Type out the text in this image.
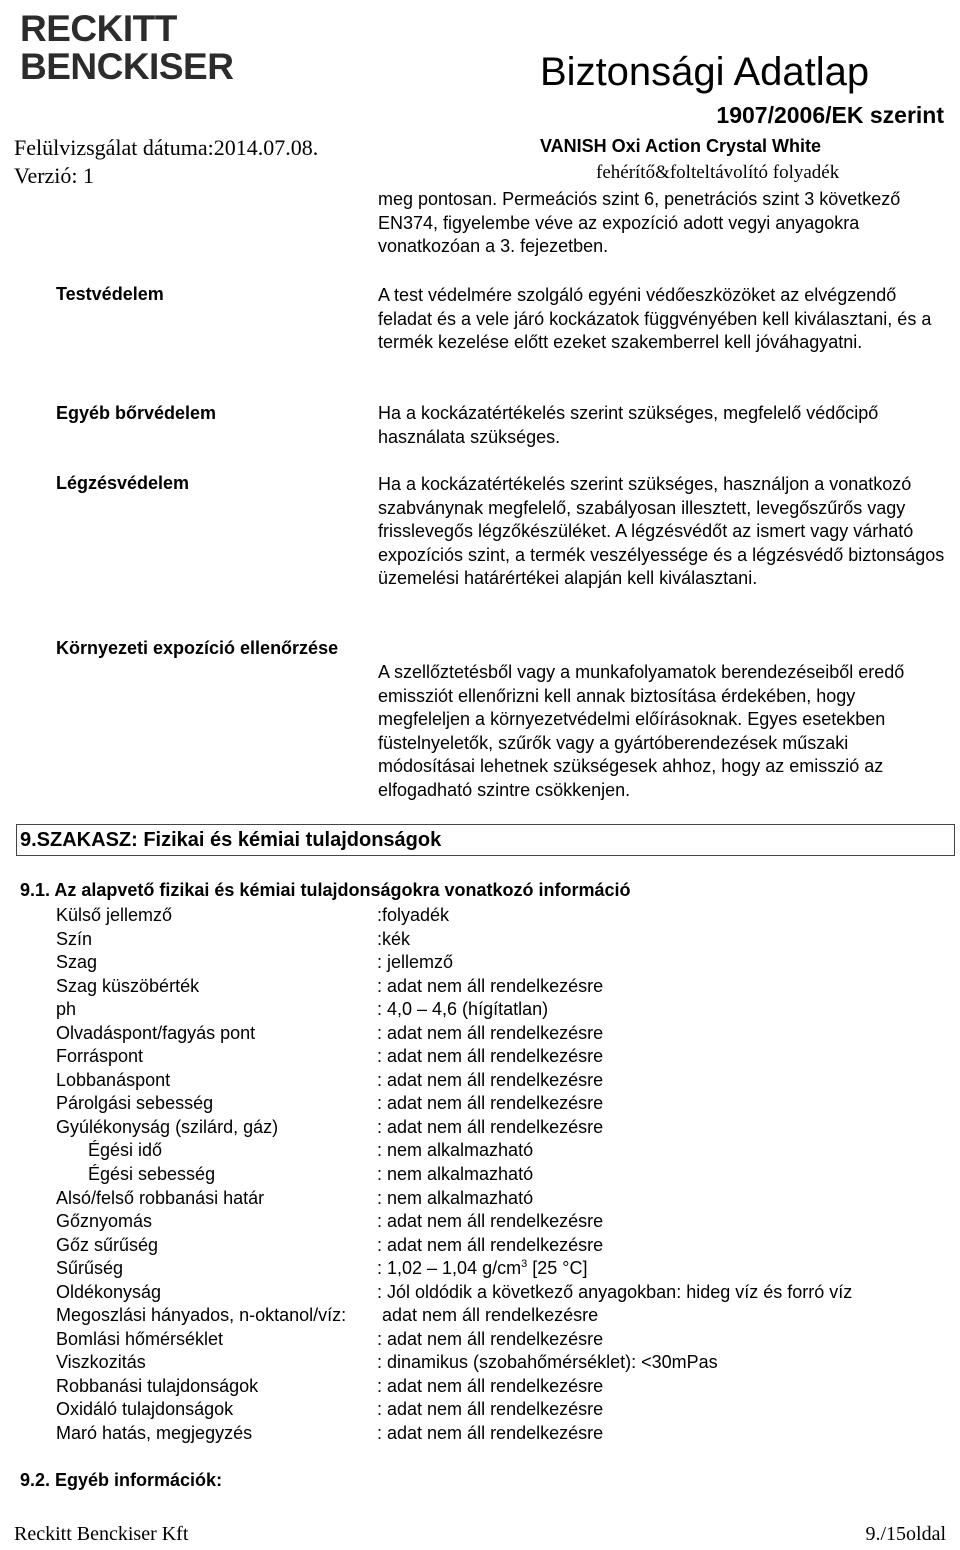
RECKITT
BENCKISER	Biztonsági Adatlap
1907/2006/EK szerint
Felülvizsgálat dátuma:2014.07.08.
Verzió: 1
VANISH Oxi Action Crystal White
fehérítő&folteltávolító folyadék
meg pontosan. Permeációs szint 6, penetrációs szint 3 következő EN374, figyelembe véve az expozíció adott vegyi anyagokra vonatkozóan a 3. fejezetben.
Testvédelem	A test védelmére szolgáló egyéni védőeszközöket az elvégzendő feladat és a vele járó kockázatok függvényében kell kiválasztani, és a termék kezelése előtt ezeket szakemberrel kell jóváhagyatni.
Egyéb bőrvédelem	Ha a kockázatértékelés szerint szükséges, megfelelő védőcipő használata szükséges.
Légzésvédelem	Ha a kockázatértékelés szerint szükséges, használjon a vonatkozó szabványnak megfelelő, szabályosan illesztett, levegőszűrős vagy frisslevegős légzőkészüléket. A légzésvédőt az ismert vagy várható expozíciós szint, a termék veszélyessége és a légzésvédő biztonságos üzemelési határértékei alapján kell kiválasztani.
Környezeti expozíció ellenőrzése
A szellőztetésből vagy a munkafolyamatok berendezéseiből eredő emissziót ellenőrizni kell annak biztosítása érdekében, hogy megfeleljen a környezetvédelmi előírásoknak. Egyes esetekben füstelnyeletők, szűrők vagy a gyártóberendezések műszaki módosításai lehetnek szükségesek ahhoz, hogy az emisszió az elfogadható szintre csökkenjen.
9.SZAKASZ: Fizikai és kémiai tulajdonságok
9.1. Az alapvető fizikai és kémiai tulajdonságokra vonatkozó információ
Külső jellemző	:folyadék
Szín	:kék
Szag	: jellemző
Szag küszöbérték	: adat nem áll rendelkezésre
ph	: 4,0 – 4,6 (hígítatlan)
Olvadáspont/fagyás pont	: adat nem áll rendelkezésre
Forráspont	: adat nem áll rendelkezésre
Lobbanáspont	: adat nem áll rendelkezésre
Párolgási sebesség	: adat nem áll rendelkezésre
Gyúlékonyság (szilárd, gáz)	: adat nem áll rendelkezésre
Égési idő	: nem alkalmazható
Égési sebesség	: nem alkalmazható
Alsó/felső robbanási határ	: nem alkalmazható
Gőznyomás	: adat nem áll rendelkezésre
Gőz sűrűség	: adat nem áll rendelkezésre
Sűrűség	: 1,02 – 1,04 $g/cm^3$ [25 °C]
Oldékonyság	: Jól oldódik a következő anyagokban: hideg víz és forró víz
Megoszlási hányados, n-oktanol/víz: adat nem áll rendelkezésre
Bomlási hőmérséklet	: adat nem áll rendelkezésre
Viszkozitás	: dinamikus (szobahőmérséklet): <30mPas
Robbanási tulajdonságok	: adat nem áll rendelkezésre
Oxidáló tulajdonságok	: adat nem áll rendelkezésre
Maró hatás, megjegyzés	: adat nem áll rendelkezésre
9.2. Egyéb információk:
Reckitt Benckiser Kft	9./15oldal
